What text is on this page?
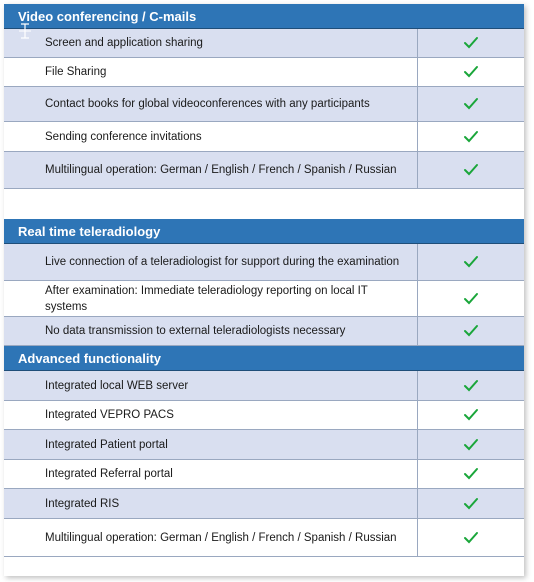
Video conferencing / C-mails
Screen and application sharing
File Sharing
Contact books for global videoconferences with any participants
Sending conference invitations
Multilingual operation: German / English / French / Spanish / Russian
Real time teleradiology
Live connection of a teleradiologist for support during the examination
After examination: Immediate teleradiology reporting on local IT systems
No data transmission to external teleradiologists necessary
Advanced functionality
Integrated local WEB server
Integrated VEPRO PACS
Integrated Patient portal
Integrated Referral portal
Integrated RIS
Multilingual operation: German / English / French / Spanish / Russian
